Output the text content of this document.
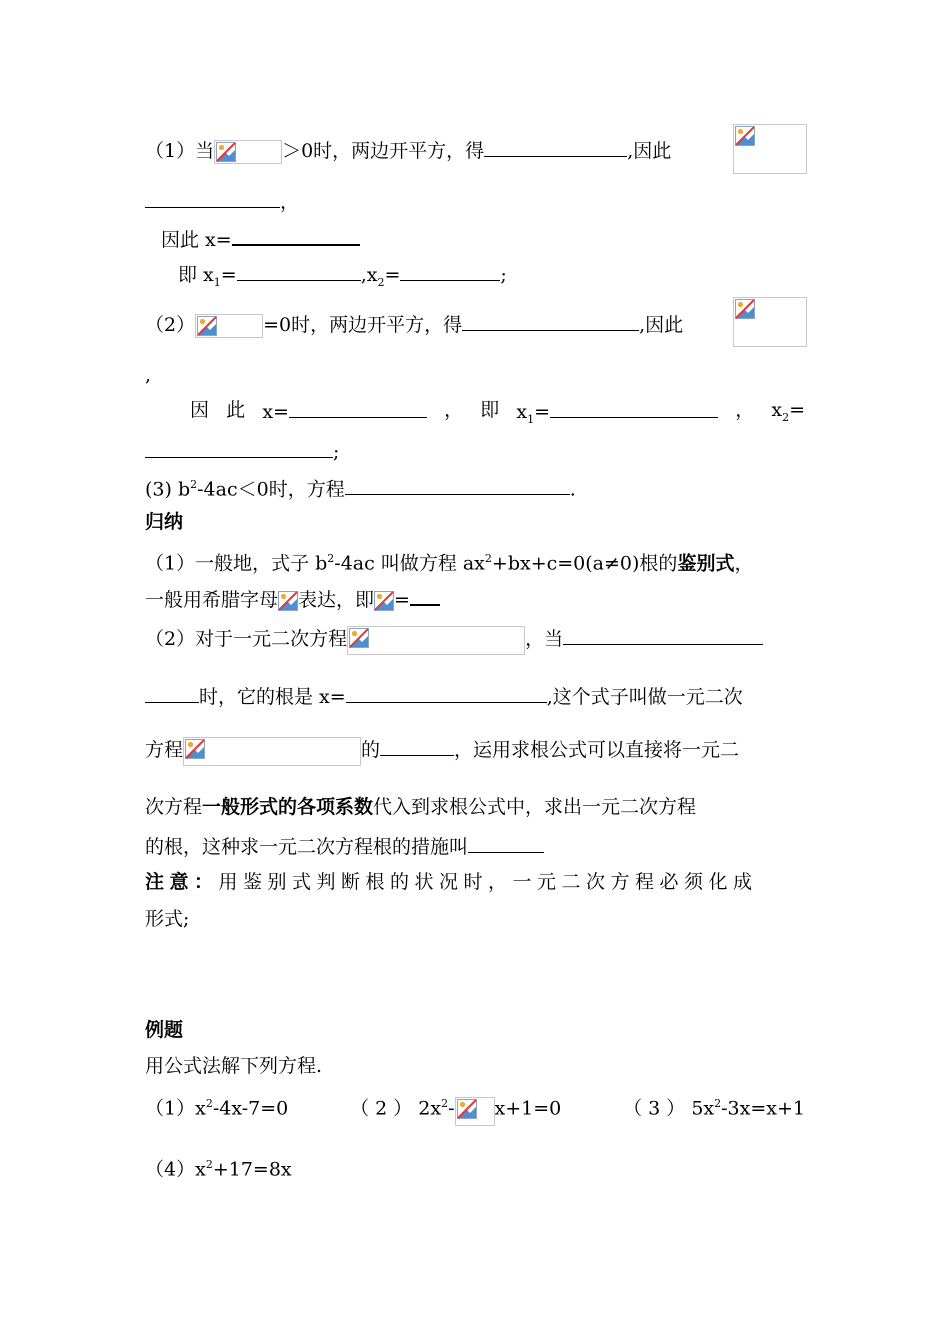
（1）当	＞0时，两边开平方，得	,因此
，
因此 x=
即 $x_1=$	$,x_2=$	;
（2）	=0时，两边开平方，得	,因此
,
因 此 x=	， 即 $x_1=$	， $x_2=$
;
(3) $b^2-4ac<0$时，方程	.
归纳
（1）一般地，式子 $b^2-4ac$ 叫做方程 $ax^2+bx+c=0(a\ne 0)$根的鉴别式，
一般用希腊字母 表达，即 =
（2）对于一元二次方程	，当
时，它的根是 x=	,这个式子叫做一元二次
方程	的	，运用求根公式可以直接将一元二
次方程一般形式的各项系数代入到求根公式中，求出一元二次方程
的根，这种求一元二次方程根的措施叫
注意：用鉴别式判断根的状况时，一元二次方程必须化成
形式;
例题
用公式法解下列方程.
$(1)x^2-4x-7=0$	（ 2 ） $2x^2-$ x+1=0	（ 3 ） $5x^2-3x=x+1$
$(4)x^2+17=8x$
